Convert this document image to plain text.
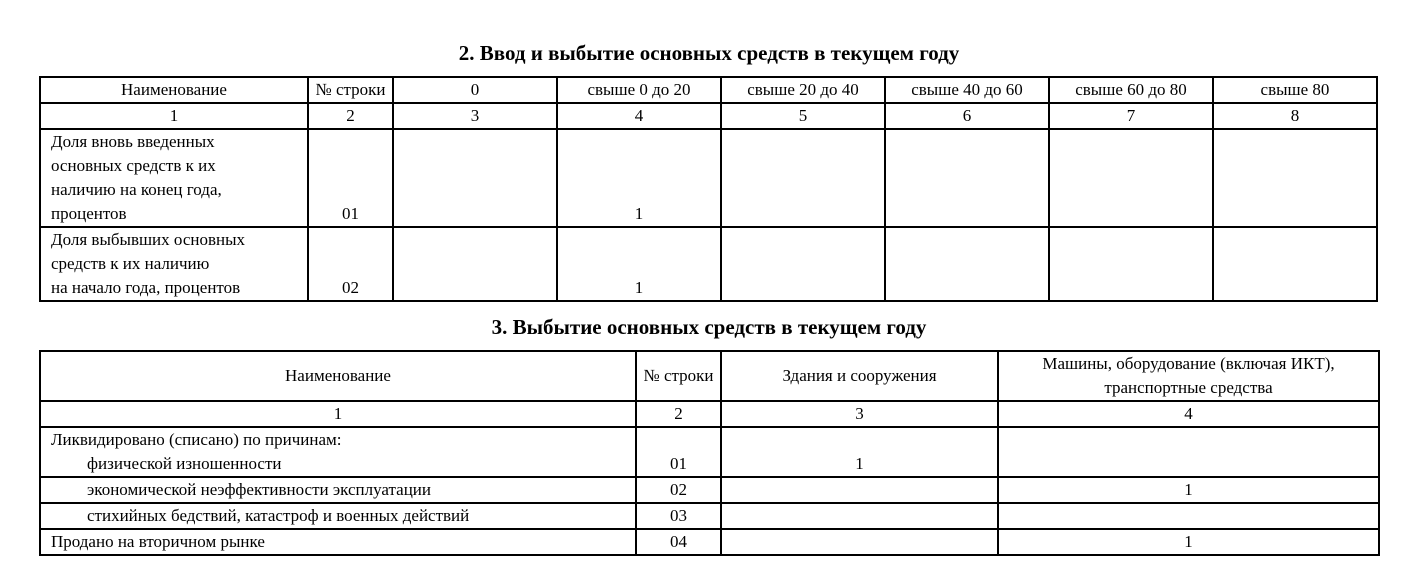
2. Ввод и выбытие основных средств в текущем году
Наименование	№ строки	0	свыше 0 до 20	свыше 20 до 40	свыше 40 до 60	свыше 60 до 80	свыше 80
1	2	3	4	5	6	7	8

Доля вновь введенных
основных средств к их
наличию на конец года,
процентов	01		1				

Доля выбывших основных
средств к их наличию
на начало года, процентов	02		1				
3. Выбытие основных средств в текущем году
Наименование	№ строки	Здания и сооружения	Машины, оборудование (включая ИКТ),
транспортные средства

1	2	3	4

Ликвидировано (списано) по причинам:
физической изношенности	01	1	
экономической неэффективности эксплуатации	02		1
стихийных бедствий, катастроф и военных действий	03		
Продано на вторичном рынке	04		1
